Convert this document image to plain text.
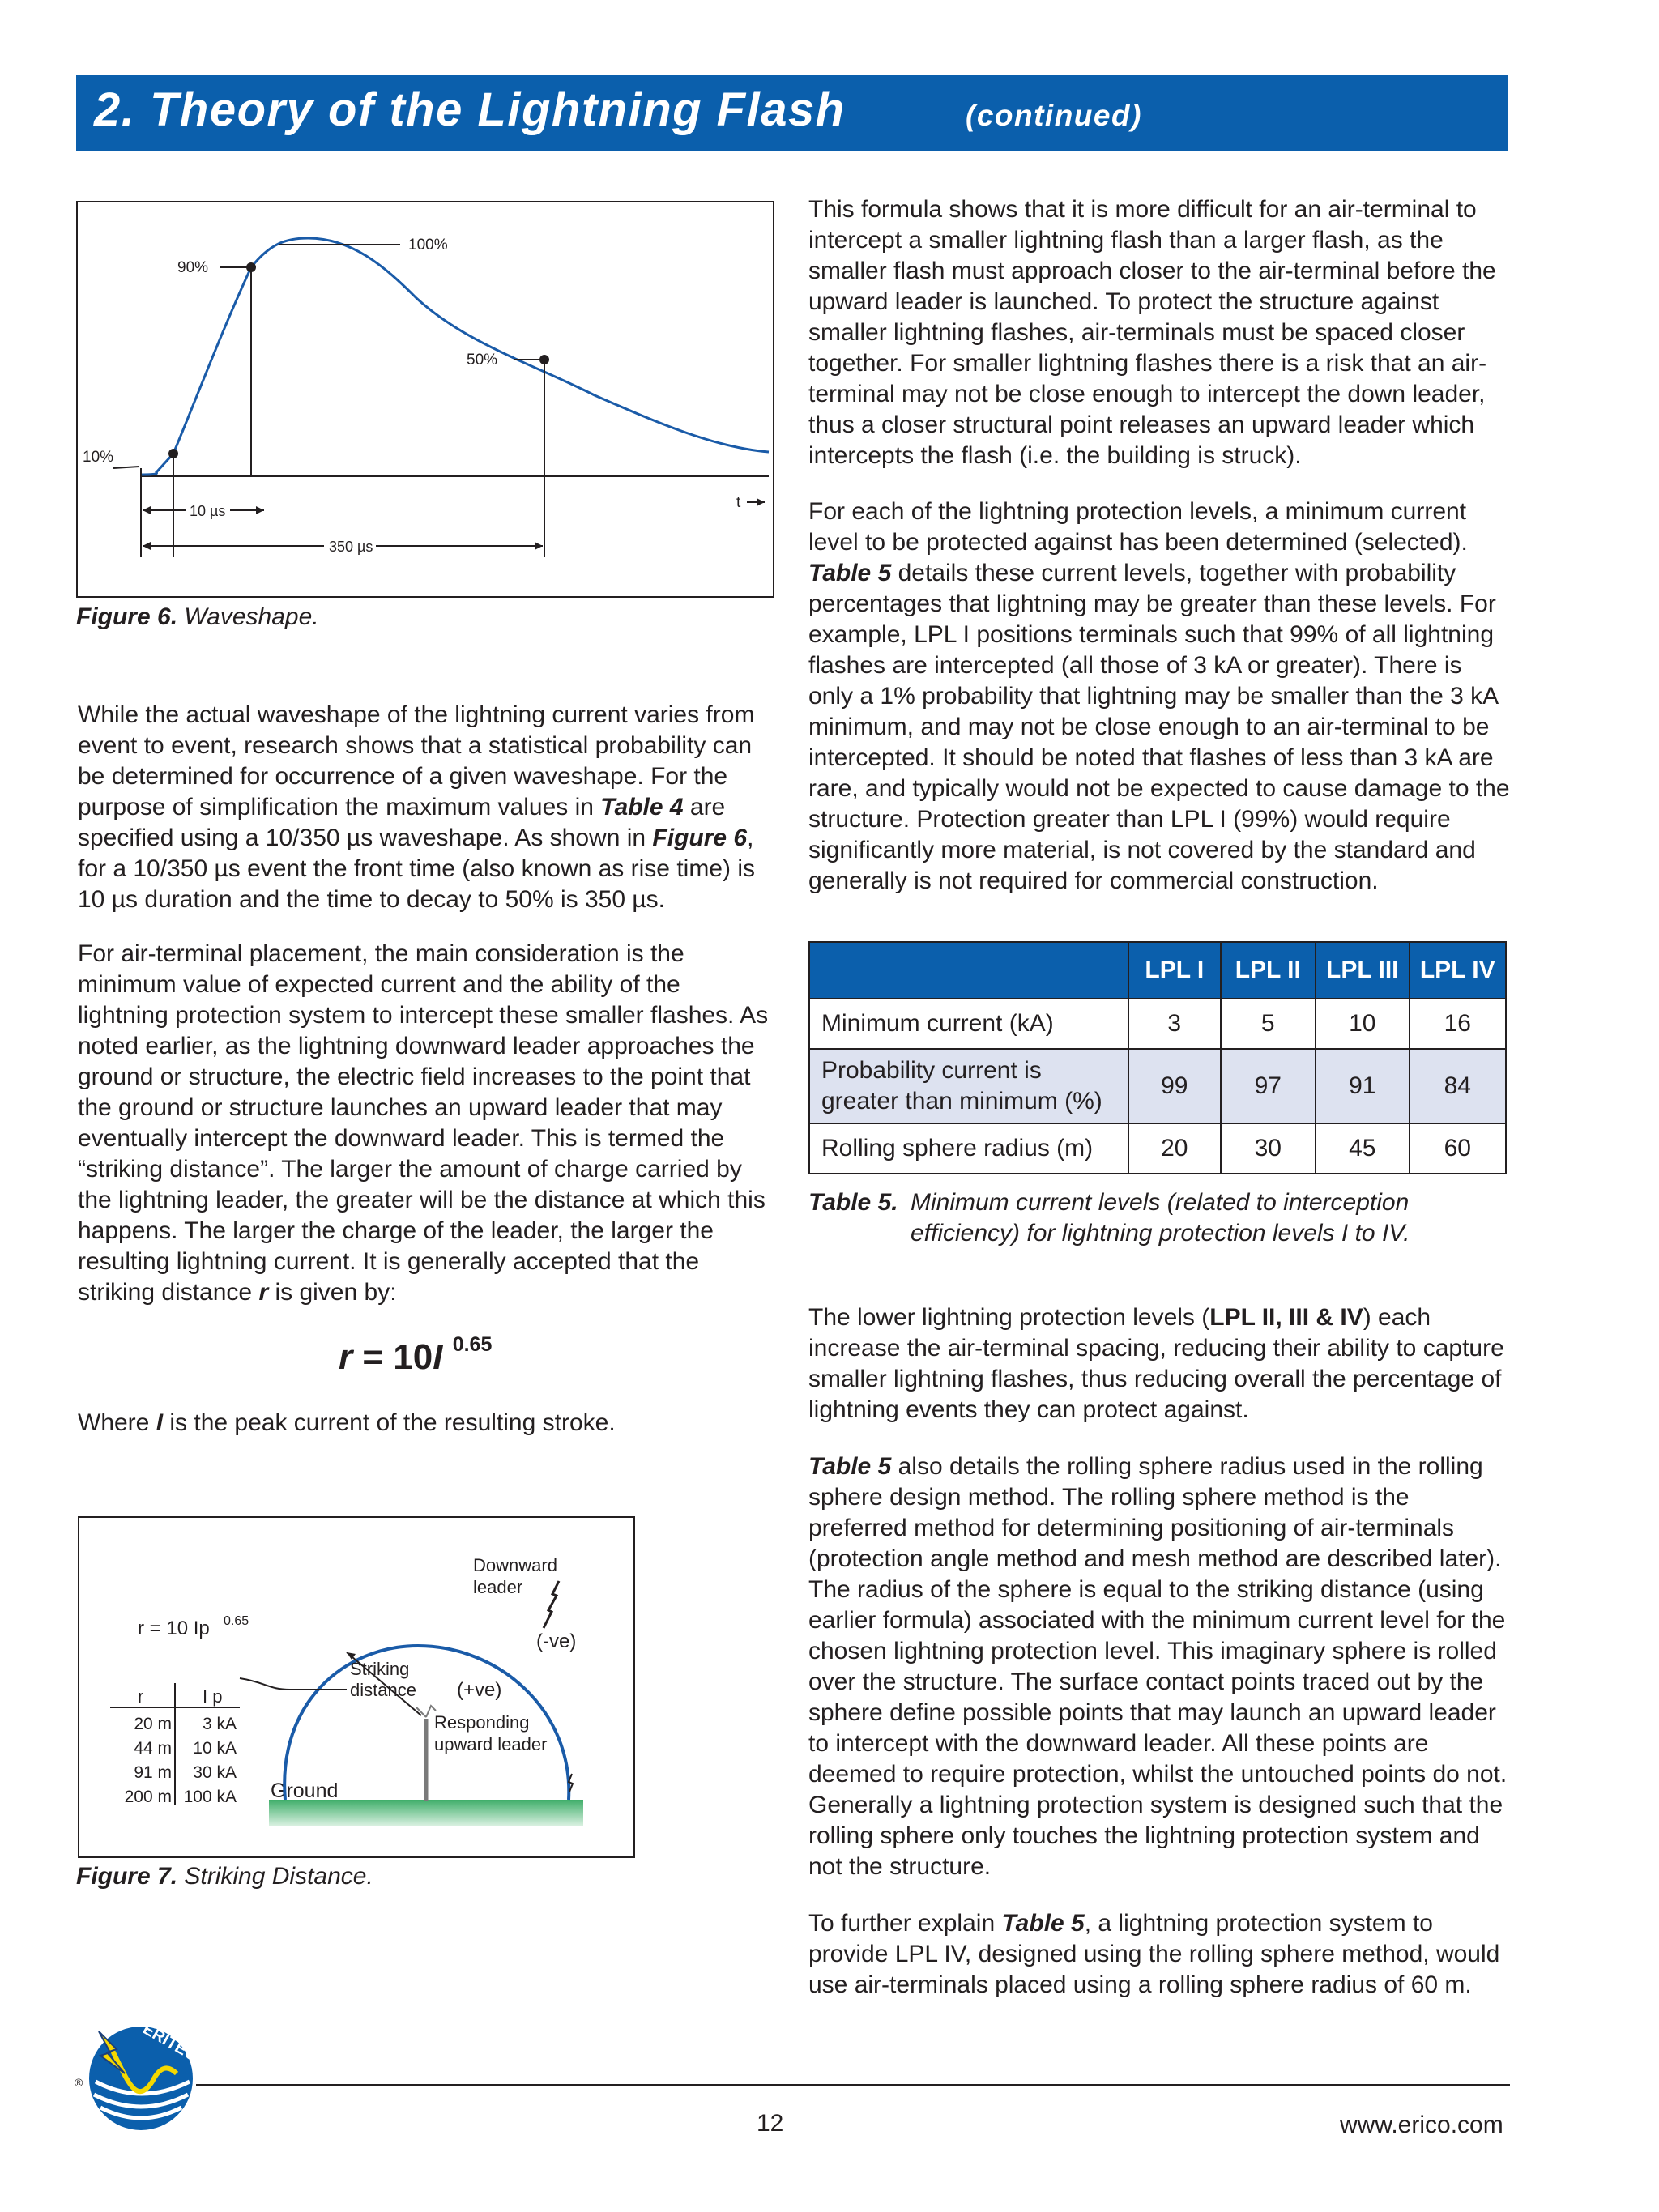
2. Theory of the Lightning Flash	(continued)
90%
100%
50%
10%
t
10 µs
350 µs
Figure 6. Waveshape.

While the actual waveshape of the lightning current varies from event to event, research shows that a statistical probability can be determined for occurrence of a given waveshape. For the purpose of simplification the maximum values in Table 4 are specified using a 10/350 µs waveshape. As shown in Figure 6, for a 10/350 µs event the front time (also known as rise time) is 10 µs duration and the time to decay to 50% is 350 µs.

For air-terminal placement, the main consideration is the minimum value of expected current and the ability of the lightning protection system to intercept these smaller flashes. As noted earlier, as the lightning downward leader approaches the ground or structure, the electric field increases to the point that the ground or structure launches an upward leader that may eventually intercept the downward leader. This is termed the “striking distance”. The larger the amount of charge carried by the lightning leader, the greater will be the distance at which this happens. The larger the charge of the leader, the larger the resulting lightning current. It is generally accepted that the striking distance r is given by:

r = 10I $^{0.65}$

Where I is the peak current of the resulting stroke.

Ground
Downward
leader
(-ve)
Striking
distance (+ve)
Responding
upward leader
r = 10 Ip 0.65
r	I p
20 m 3 kA
44 m 10 kA
91 m 30 kA
200 m 100 kA
Figure 7. Striking Distance.

This formula shows that it is more difficult for an air-terminal to intercept a smaller lightning flash than a larger flash, as the smaller flash must approach closer to the air-terminal before the upward leader is launched. To protect the structure against smaller lightning flashes, air-terminals must be spaced closer together. For smaller lightning flashes there is a risk that an air-terminal may not be close enough to intercept the down leader, thus a closer structural point releases an upward leader which intercepts the flash (i.e. the building is struck).

For each of the lightning protection levels, a minimum current level to be protected against has been determined (selected). Table 5 details these current levels, together with probability percentages that lightning may be greater than these levels. For example, LPL I positions terminals such that 99% of all lightning flashes are intercepted (all those of 3 kA or greater). There is only a 1% probability that lightning may be smaller than the 3 kA minimum, and may not be close enough to an air-terminal to be intercepted. It should be noted that flashes of less than 3 kA are rare, and typically would not be expected to cause damage to the structure. Protection greater than LPL I (99%) would require significantly more material, is not covered by the standard and generally is not required for commercial construction.

	LPL I	LPL II	LPL III	LPL IV
Minimum current (kA)	3	5	10	16
Probability current is greater than minimum (%)	99	97	91	84
Rolling sphere radius (m)	20	30	45	60
Table 5. Minimum current levels (related to interception efficiency) for lightning protection levels I to IV.

The lower lightning protection levels (LPL II, III & IV) each increase the air-terminal spacing, reducing their ability to capture smaller lightning flashes, thus reducing overall the percentage of lightning events they can protect against.

Table 5 also details the rolling sphere radius used in the rolling sphere design method. The rolling sphere method is the preferred method for determining positioning of air-terminals (protection angle method and mesh method are described later). The radius of the sphere is equal to the striking distance (using earlier formula) associated with the minimum current level for the chosen lightning protection level. This imaginary sphere is rolled over the structure. The surface contact points traced out by the sphere define possible points that may launch an upward leader to intercept with the downward leader. All these points are deemed to require protection, whilst the untouched points do not. Generally a lightning protection system is designed such that the rolling sphere only touches the lightning protection system and not the structure.

To further explain Table 5, a lightning protection system to provide LPL IV, designed using the rolling sphere method, would use air-terminals placed using a rolling sphere radius of 60 m.

ERITECH
®
12	www.erico.com
